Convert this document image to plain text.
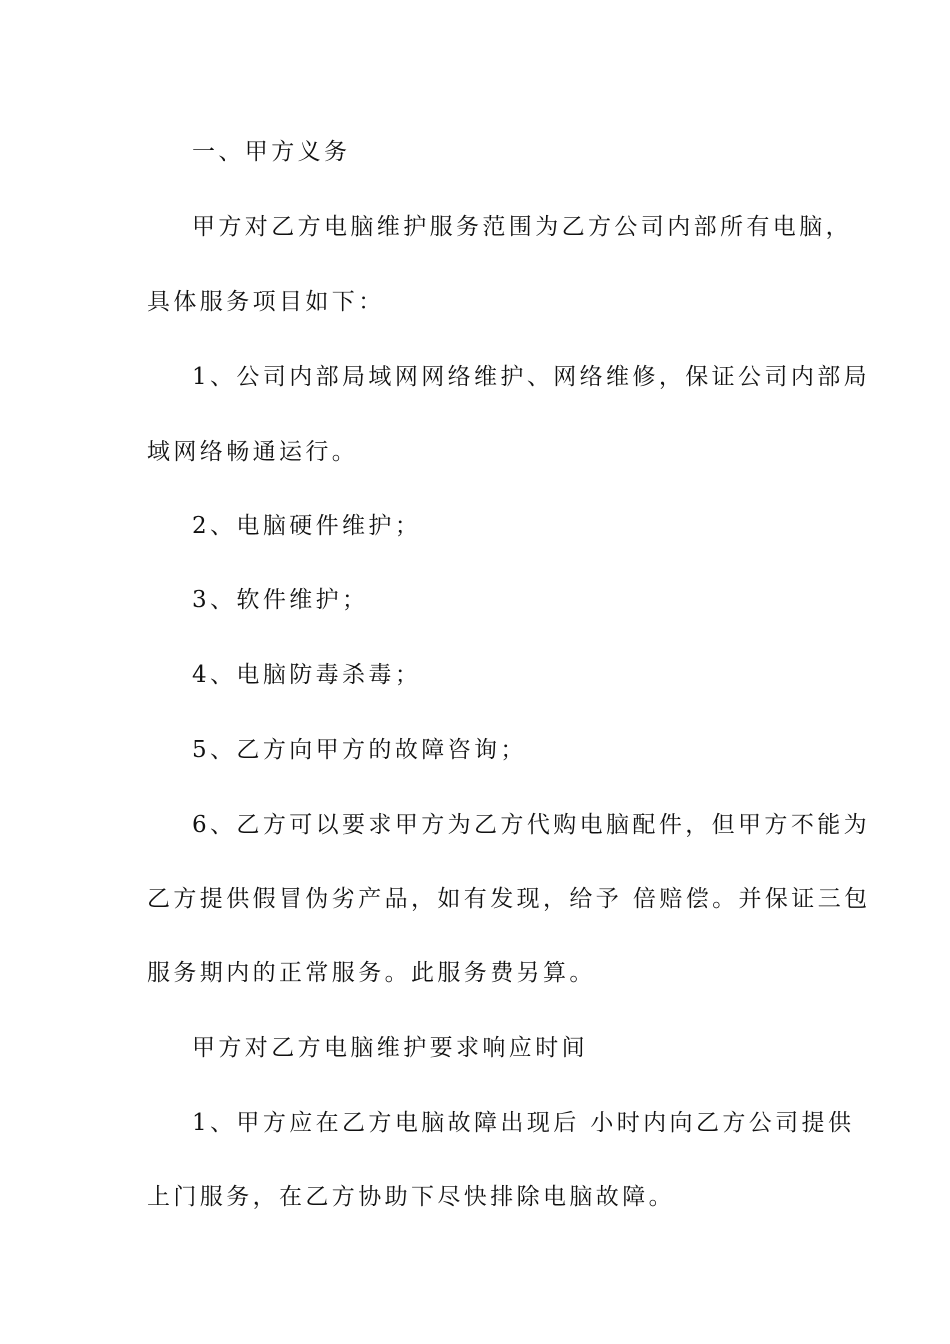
一、甲方义务
甲方对乙方电脑维护服务范围为乙方公司内部所有电脑，
具体服务项目如下：
1、公司内部局域网网络维护、网络维修，保证公司内部局
域网络畅通运行。
2、电脑硬件维护；
3、软件维护；
4、电脑防毒杀毒；
5、乙方向甲方的故障咨询；
6、乙方可以要求甲方为乙方代购电脑配件，但甲方不能为
乙方提供假冒伪劣产品，如有发现，给予 倍赔偿。并保证三包
服务期内的正常服务。此服务费另算。
甲方对乙方电脑维护要求响应时间
1、甲方应在乙方电脑故障出现后 小时内向乙方公司提供
上门服务，在乙方协助下尽快排除电脑故障。
